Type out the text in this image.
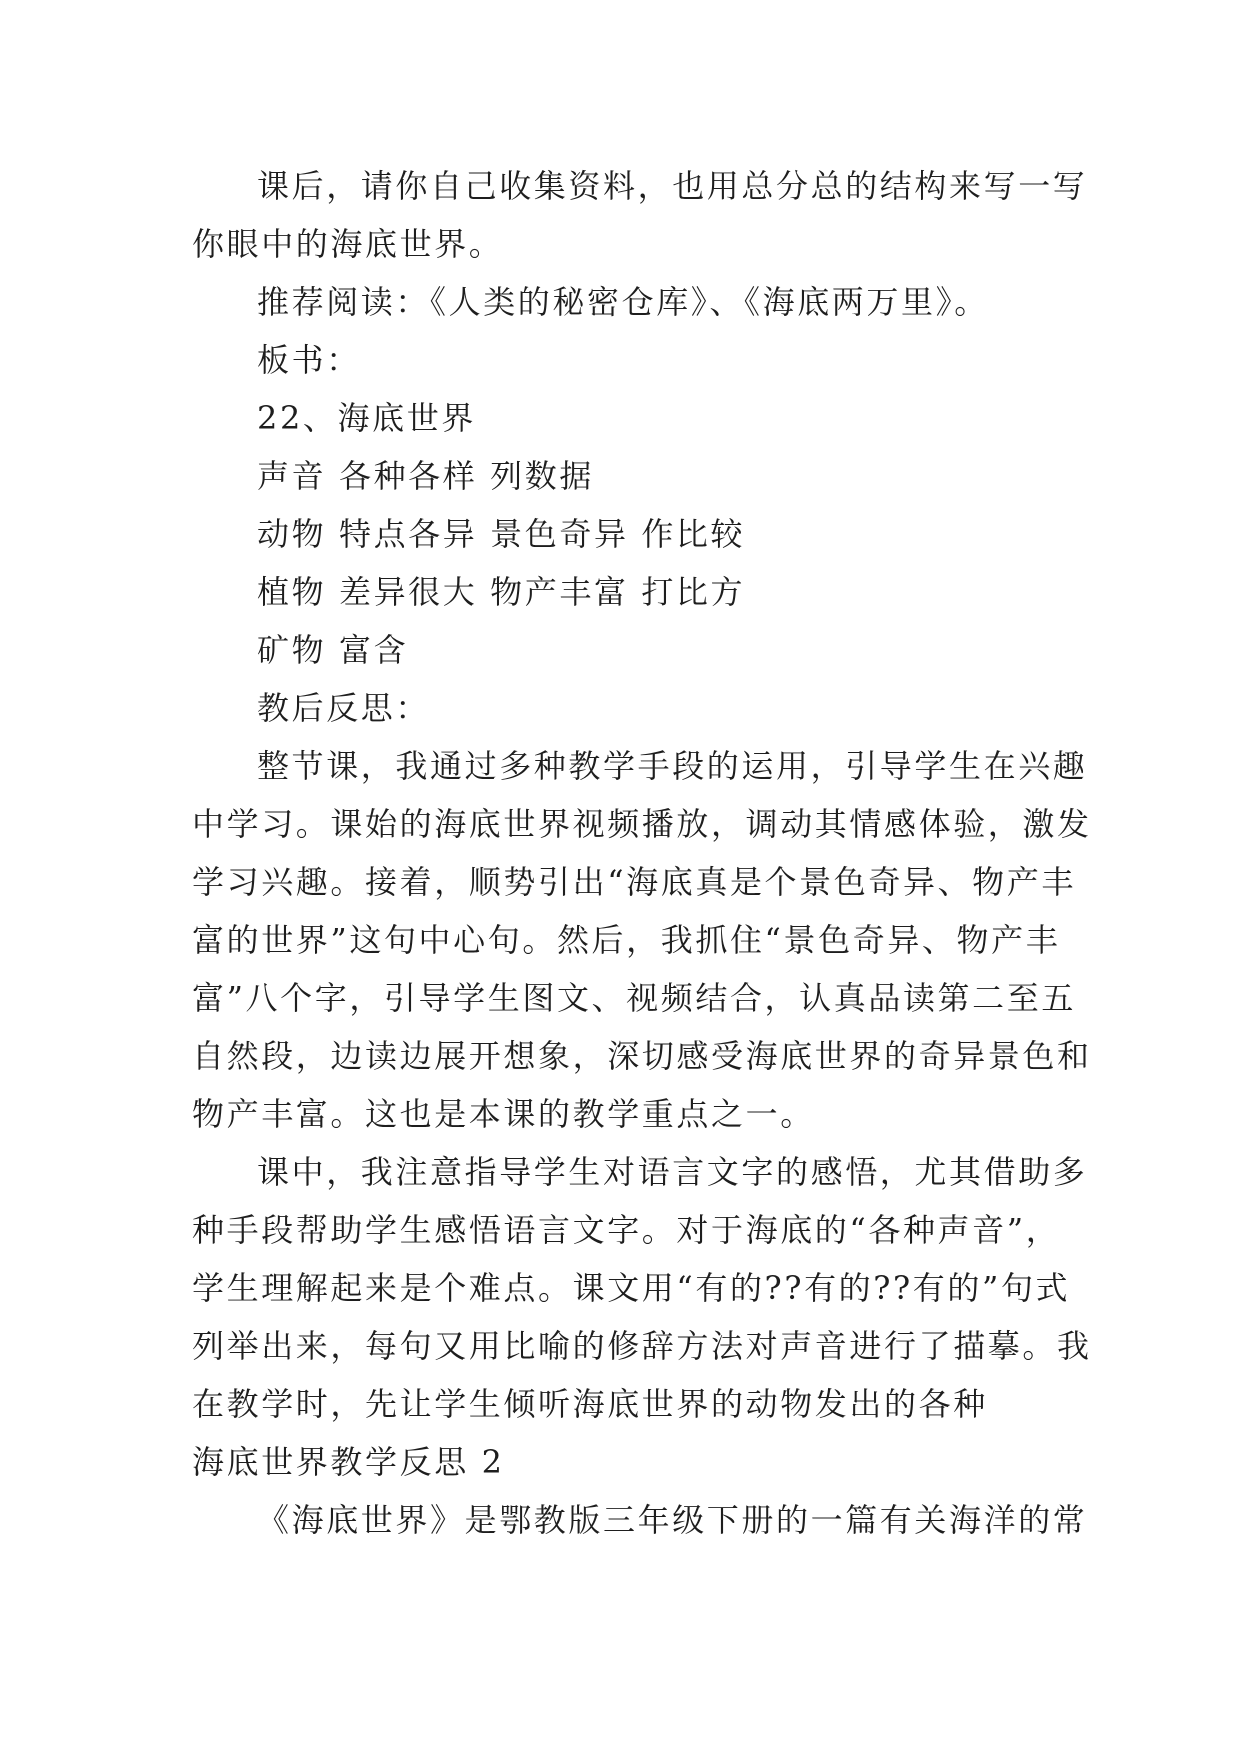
课后，请你自己收集资料，也用总分总的结构来写一写

你眼中的海底世界。

推荐阅读：《人类的秘密仓库》、《海底两万里》。

板书：

22、海底世界

声音 各种各样 列数据

动物 特点各异 景色奇异 作比较

植物 差异很大 物产丰富 打比方

矿物 富含

教后反思：

整节课，我通过多种教学手段的运用，引导学生在兴趣

中学习。课始的海底世界视频播放，调动其情感体验，激发

学习兴趣。接着，顺势引出“海底真是个景色奇异、物产丰

富的世界”这句中心句。然后，我抓住“景色奇异、物产丰

富”八个字，引导学生图文、视频结合，认真品读第二至五

自然段，边读边展开想象，深切感受海底世界的奇异景色和

物产丰富。这也是本课的教学重点之一。

课中，我注意指导学生对语言文字的感悟，尤其借助多

种手段帮助学生感悟语言文字。对于海底的“各种声音”，

学生理解起来是个难点。课文用“有的??有的??有的”句式

列举出来，每句又用比喻的修辞方法对声音进行了描摹。我

在教学时，先让学生倾听海底世界的动物发出的各种

海底世界教学反思 2

《海底世界》是鄂教版三年级下册的一篇有关海洋的常
